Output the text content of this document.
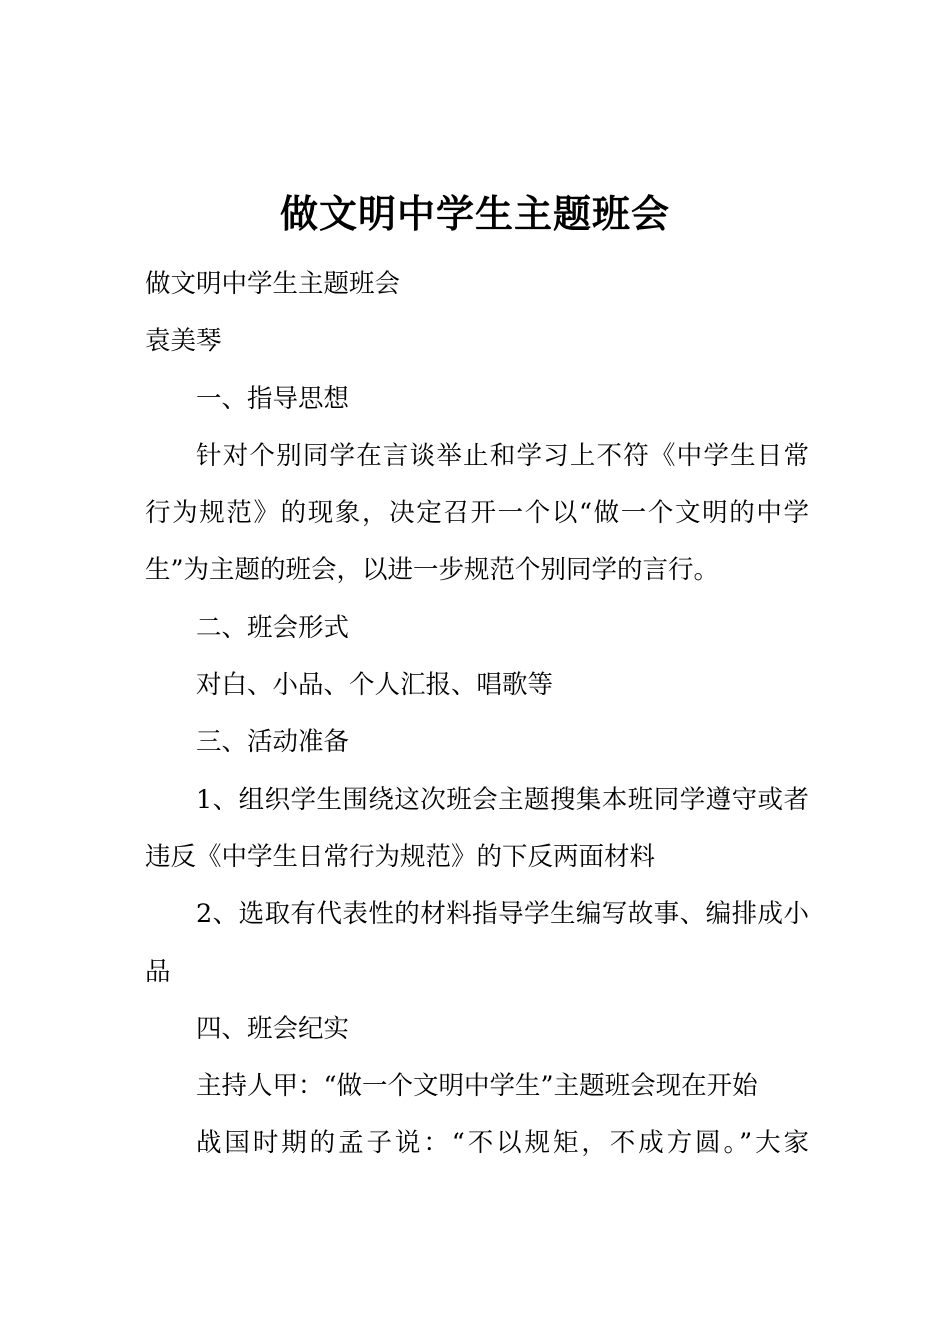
做文明中学生主题班会
做文明中学生主题班会
袁美琴
一、指导思想
针对个别同学在言谈举止和学习上不符《中学生日常
行为规范》的现象，决定召开一个以“做一个文明的中学
生”为主题的班会，以进一步规范个别同学的言行。
二、班会形式
对白、小品、个人汇报、唱歌等
三、活动准备
1、组织学生围绕这次班会主题搜集本班同学遵守或者
违反《中学生日常行为规范》的下反两面材料
2、选取有代表性的材料指导学生编写故事、编排成小
品
四、班会纪实
主持人甲：“做一个文明中学生”主题班会现在开始
战国时期的孟子说：“不以规矩，不成方圆。”大家
